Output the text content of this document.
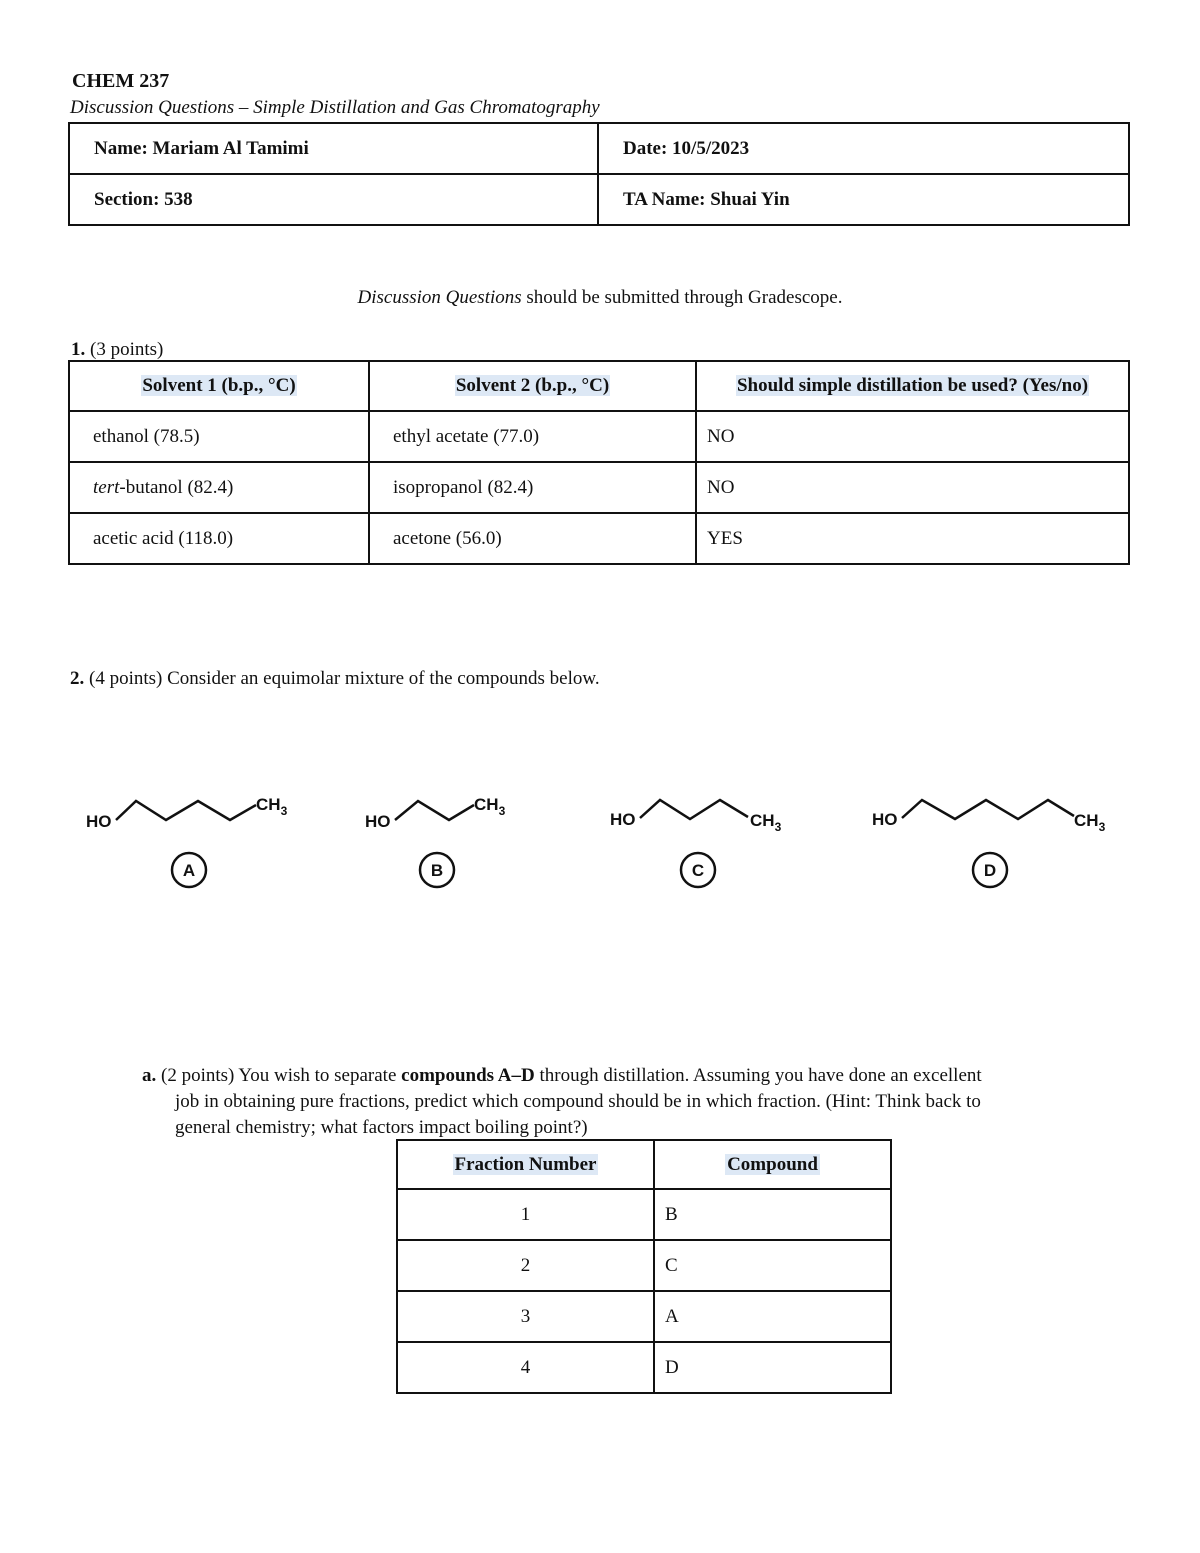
CHEM 237
Discussion Questions – Simple Distillation and Gas Chromatography
Name: Mariam Al Tamimi	Date: 10/5/2023
Section: 538	TA Name: Shuai Yin
Discussion Questions should be submitted through Gradescope.
1. (3 points)
Solvent 1 (b.p., °C)	Solvent 2 (b.p., °C)	Should simple distillation be used? (Yes/no)
ethanol (78.5)	ethyl acetate (77.0)	NO
tert-butanol (82.4)	isopropanol (82.4)	NO
acetic acid (118.0)	acetone (56.0)	YES
2. (4 points) Consider an equimolar mixture of the compounds below.
HO
$CH_3$
A
HO
$CH_3$
B
HO	$CH_3$
C
HO	$CH_3$
D
a. (2 points) You wish to separate compounds A–D through distillation. Assuming you have done an excellent
job in obtaining pure fractions, predict which compound should be in which fraction. (Hint: Think back to
general chemistry; what factors impact boiling point?)
Fraction Number	Compound
1	B
2	C
3	A
4	D
